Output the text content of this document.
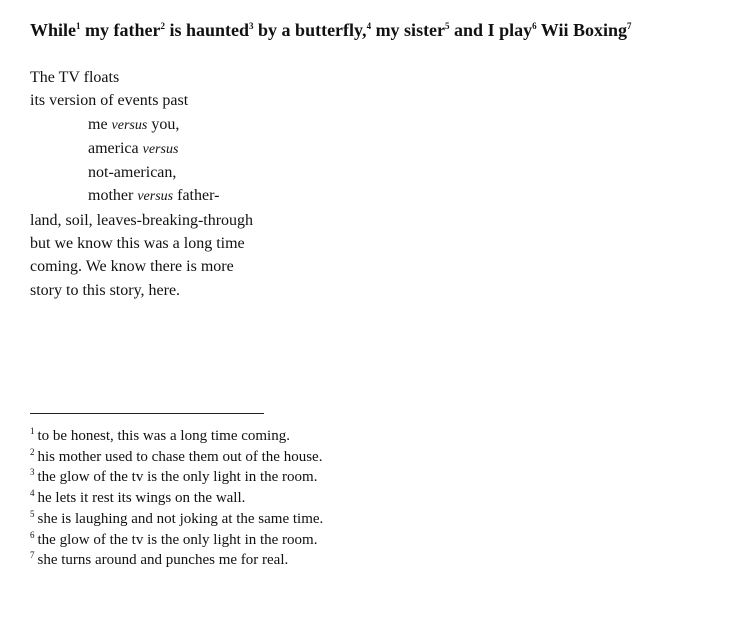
While$^1$ my father$^2$ is haunted$^3$ by a butterfly,$^4$ my sister$^5$ and I play$^6$ Wii Boxing$^7$
The TV floats
its version of events past
me versus you,
america versus
not-american,
mother versus father-
land, soil, leaves-breaking-through
but we know this was a long time
coming. We know there is more
story to this story, here.
$^1$ to be honest, this was a long time coming.
$^2$ his mother used to chase them out of the house.
$^3$ the glow of the tv is the only light in the room.
$^4$ he lets it rest its wings on the wall.
$^5$ she is laughing and not joking at the same time.
$^6$ the glow of the tv is the only light in the room.
$^7$ she turns around and punches me for real.
